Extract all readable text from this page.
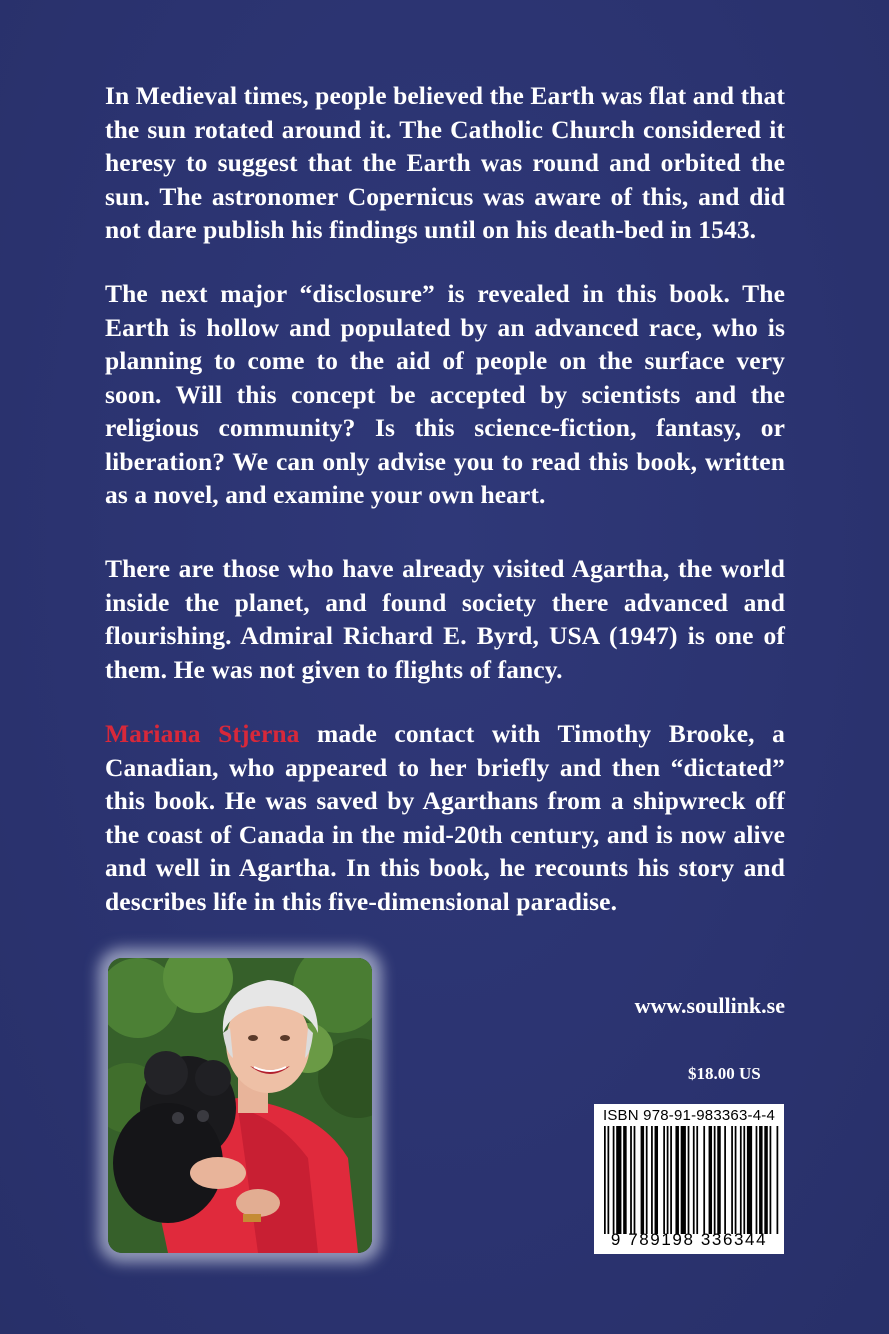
In Medieval times, people believed the Earth was flat and that the sun rotated around it. The Catholic Church considered it heresy to suggest that the Earth was round and orbited the sun. The astronomer Copernicus was aware of this, and did not dare publish his findings until on his death-bed in 1543.

The next major “disclosure” is revealed in this book. The Earth is hollow and populated by an advanced race, who is planning to come to the aid of people on the surface very soon. Will this concept be accepted by scientists and the religious community? Is this science-fiction, fantasy, or liberation? We can only advise you to read this book, written as a novel, and examine your own heart.

There are those who have already visited Agartha, the world inside the planet, and found society there advanced and flourishing. Admiral Richard E. Byrd, USA (1947) is one of them. He was not given to flights of fancy.

Mariana Stjerna made contact with Timothy Brooke, a Canadian, who appeared to her briefly and then “dictated” this book. He was saved by Agarthans from a shipwreck off the coast of Canada in the mid-20th century, and is now alive and well in Agartha. In this book, he recounts his story and describes life in this five-dimensional paradise.

www.soullink.se
$18.00 US
ISBN 978-91-983363-4-4
9 789198 336344
